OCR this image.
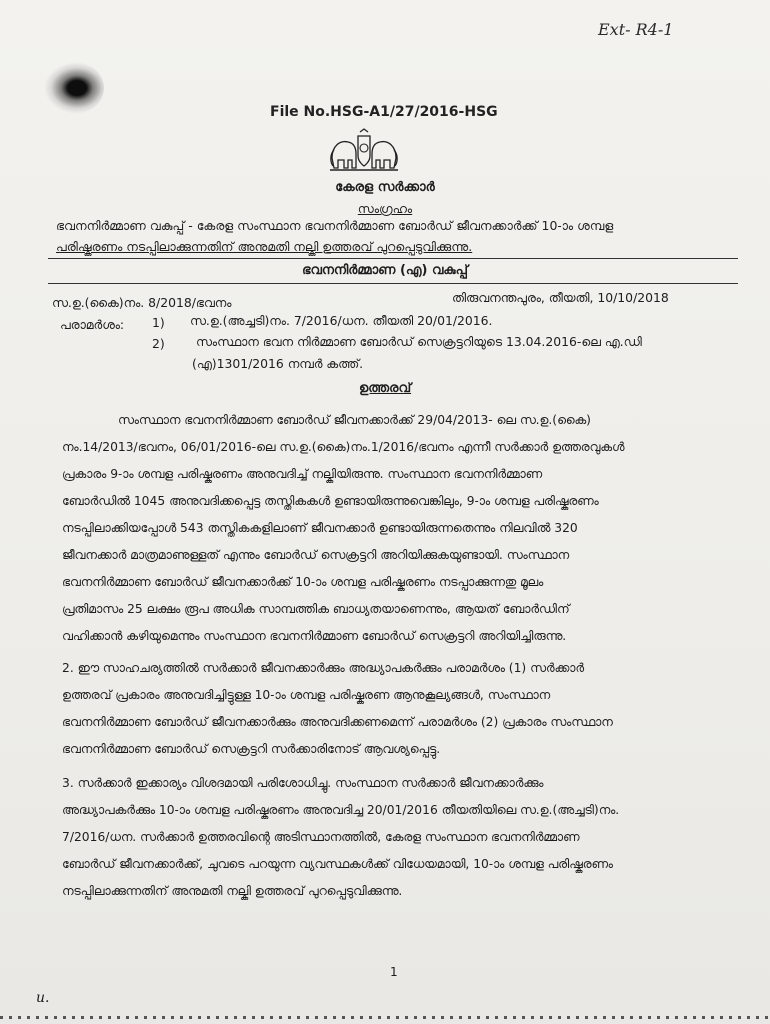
Ext- R4-1
File No.HSG-A1/27/2016-HSG
കേരള സർക്കാർ
സംഗ്രഹം
ഭവനനിർമ്മാണ വകുപ്പ് - കേരള സംസ്ഥാന ഭവനനിർമ്മാണ ബോർഡ് ജീവനക്കാർക്ക് 10-ാം ശമ്പള
പരിഷ്കരണം നടപ്പിലാക്കുന്നതിന് അനുമതി നല്കി ഉത്തരവ് പുറപ്പെടുവിക്കുന്നു.
ഭവനനിർമ്മാണ (എ) വകുപ്പ്
സ.ഉ.(കൈ)നം. 8/2018/ഭവനം	തിരുവനന്തപുരം, തീയതി, 10/10/2018
പരാമർശം: 1) സ.ഉ.(അച്ചടി)നം. 7/2016/ധന. തീയതി 20/01/2016.
2)	സംസ്ഥാന ഭവന നിർമ്മാണ ബോർഡ് സെക്രട്ടറിയുടെ 13.04.2016-ലെ എ.ഡി
(എ)1301/2016 നമ്പർ കത്ത്.
ഉത്തരവ്
സംസ്ഥാന ഭവനനിർമ്മാണ ബോർഡ് ജീവനക്കാർക്ക് 29/04/2013- ലെ സ.ഉ.(കൈ)
നം.14/2013/ഭവനം, 06/01/2016-ലെ സ.ഉ.(കൈ)നം.1/2016/ഭവനം എന്നീ സർക്കാർ ഉത്തരവുകൾ
പ്രകാരം 9-ാം ശമ്പള പരിഷ്കരണം അനുവദിച്ച് നല്കിയിരുന്നു. സംസ്ഥാന ഭവനനിർമ്മാണ
ബോർഡിൽ 1045 അനുവദിക്കപ്പെട്ട തസ്തികകൾ ഉണ്ടായിരുന്നുവെങ്കിലും, 9-ാം ശമ്പള പരിഷ്കരണം
നടപ്പിലാക്കിയപ്പോൾ 543 തസ്തികകളിലാണ് ജീവനക്കാർ ഉണ്ടായിരുന്നതെന്നും നിലവിൽ 320
ജീവനക്കാർ മാത്രമാണുള്ളത് എന്നും ബോർഡ് സെക്രട്ടറി അറിയിക്കുകയുണ്ടായി. സംസ്ഥാന
ഭവനനിർമ്മാണ ബോർഡ് ജീവനക്കാർക്ക് 10-ാം ശമ്പള പരിഷ്കരണം നടപ്പാക്കുന്നതു മൂലം
പ്രതിമാസം 25 ലക്ഷം രൂപ അധിക സാമ്പത്തിക ബാധ്യതയാണെന്നും, ആയത് ബോർഡിന്
വഹിക്കാൻ കഴിയുമെന്നും സംസ്ഥാന ഭവനനിർമ്മാണ ബോർഡ് സെക്രട്ടറി അറിയിച്ചിരുന്നു.
2. ഈ സാഹചര്യത്തിൽ സർക്കാർ ജീവനക്കാർക്കും അദ്ധ്യാപകർക്കും പരാമർശം (1) സർക്കാർ
ഉത്തരവ് പ്രകാരം അനുവദിച്ചിട്ടുള്ള 10-ാം ശമ്പള പരിഷ്കരണ ആനുകൂല്യങ്ങൾ, സംസ്ഥാന
ഭവനനിർമ്മാണ ബോർഡ് ജീവനക്കാർക്കും അനുവദിക്കണമെന്ന് പരാമർശം (2) പ്രകാരം സംസ്ഥാന
ഭവനനിർമ്മാണ ബോർഡ് സെക്രട്ടറി സർക്കാരിനോട് ആവശ്യപ്പെട്ടു.
3. സർക്കാർ ഇക്കാര്യം വിശദമായി പരിശോധിച്ചു. സംസ്ഥാന സർക്കാർ ജീവനക്കാർക്കും
അദ്ധ്യാപകർക്കും 10-ാം ശമ്പള പരിഷ്കരണം അനുവദിച്ച 20/01/2016 തീയതിയിലെ സ.ഉ.(അച്ചടി)നം.
7/2016/ധന. സർക്കാർ ഉത്തരവിന്റെ അടിസ്ഥാനത്തിൽ, കേരള സംസ്ഥാന ഭവനനിർമ്മാണ
ബോർഡ് ജീവനക്കാർക്ക്, ചുവടെ പറയുന്ന വ്യവസ്ഥകൾക്ക് വിധേയമായി, 10-ാം ശമ്പള പരിഷ്കരണം
നടപ്പിലാക്കുന്നതിന് അനുമതി നല്കി ഉത്തരവ് പുറപ്പെടുവിക്കുന്നു.
1
u.
